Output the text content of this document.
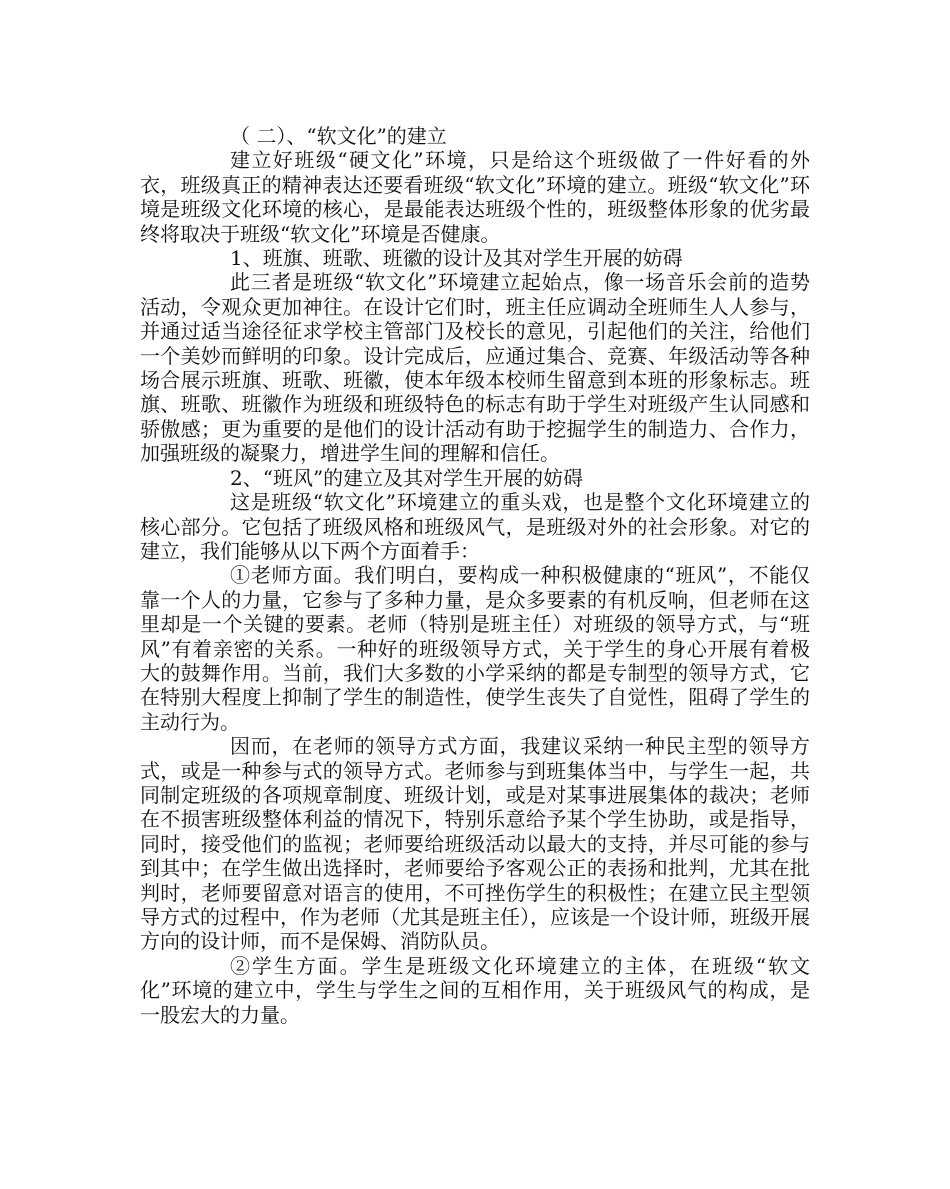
（ 二）、“软文化”的建立

建立好班级“硬文化”环境，只是给这个班级做了一件好看的外衣，班级真正的精神表达还要看班级“软文化”环境的建立。班级“软文化”环境是班级文化环境的核心，是最能表达班级个性的，班级整体形象的优劣最终将取决于班级“软文化”环境是否健康。

1、班旗、班歌、班徽的设计及其对学生开展的妨碍

此三者是班级“软文化”环境建立起始点，像一场音乐会前的造势活动，令观众更加神往。在设计它们时，班主任应调动全班师生人人参与，并通过适当途径征求学校主管部门及校长的意见，引起他们的关注，给他们一个美妙而鲜明的印象。设计完成后，应通过集合、竞赛、年级活动等各种场合展示班旗、班歌、班徽，使本年级本校师生留意到本班的形象标志。班旗、班歌、班徽作为班级和班级特色的标志有助于学生对班级产生认同感和骄傲感；更为重要的是他们的设计活动有助于挖掘学生的制造力、合作力，加强班级的凝聚力，增进学生间的理解和信任。

2、“班风”的建立及其对学生开展的妨碍

这是班级“软文化”环境建立的重头戏，也是整个文化环境建立的核心部分。它包括了班级风格和班级风气，是班级对外的社会形象。对它的建立，我们能够从以下两个方面着手：

①老师方面。我们明白，要构成一种积极健康的“班风”，不能仅靠一个人的力量，它参与了多种力量，是众多要素的有机反响，但老师在这里却是一个关键的要素。老师（特别是班主任）对班级的领导方式，与“班风”有着亲密的关系。一种好的班级领导方式，关于学生的身心开展有着极大的鼓舞作用。当前，我们大多数的小学采纳的都是专制型的领导方式，它在特别大程度上抑制了学生的制造性，使学生丧失了自觉性，阻碍了学生的主动行为。

因而，在老师的领导方式方面，我建议采纳一种民主型的领导方式，或是一种参与式的领导方式。老师参与到班集体当中，与学生一起，共同制定班级的各项规章制度、班级计划，或是对某事进展集体的裁决；老师在不损害班级整体利益的情况下，特别乐意给予某个学生协助，或是指导，同时，接受他们的监视；老师要给班级活动以最大的支持，并尽可能的参与到其中；在学生做出选择时，老师要给予客观公正的表扬和批判，尤其在批判时，老师要留意对语言的使用，不可挫伤学生的积极性；在建立民主型领导方式的过程中，作为老师（尤其是班主任），应该是一个设计师，班级开展方向的设计师，而不是保姆、消防队员。

②学生方面。学生是班级文化环境建立的主体，在班级“软文化”环境的建立中，学生与学生之间的互相作用，关于班级风气的构成，是一股宏大的力量。
